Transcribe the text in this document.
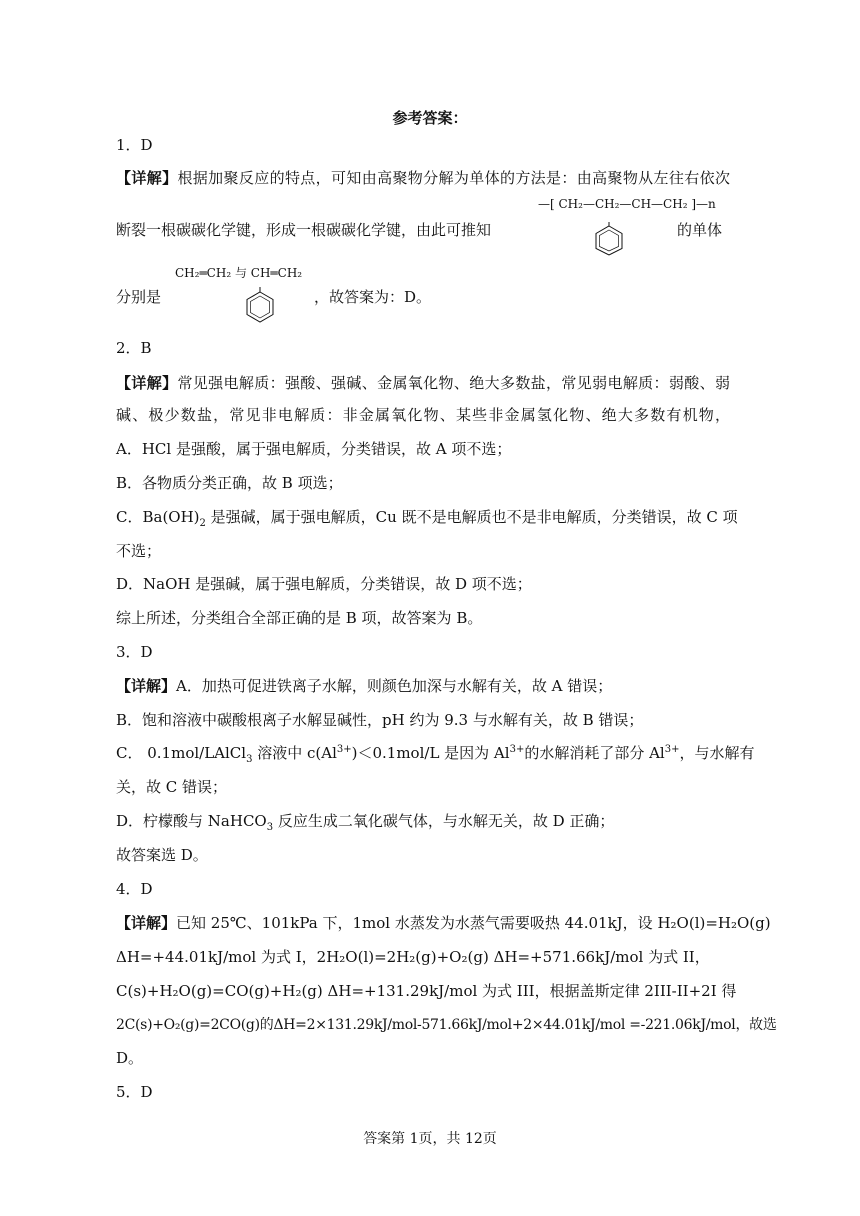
参考答案：
1．D
【详解】根据加聚反应的特点，可知由高聚物分解为单体的方法是：由高聚物从左往右依次
—[ CH₂—CH₂—CH—CH₂ ]—n
断裂一根碳碳化学键，形成一根碳碳化学键，由此可推知	的单体
CH₂═CH₂ 与 CH═CH₂
分别是	，故答案为：D。
2．B
【详解】常见强电解质：强酸、强碱、金属氧化物、绝大多数盐，常见弱电解质：弱酸、弱
碱、极少数盐，常见非电解质：非金属氧化物、某些非金属氢化物、绝大多数有机物，
A．HCl 是强酸，属于强电解质，分类错误，故 A 项不选；
B．各物质分类正确，故 B 项选；
C．$Ba(OH)_2$ 是强碱，属于强电解质，Cu 既不是电解质也不是非电解质，分类错误，故 C 项
不选；
D．NaOH 是强碱，属于强电解质，分类错误，故 D 项不选；
综上所述，分类组合全部正确的是 B 项，故答案为 B。
3．D
【详解】A．加热可促进铁离子水解，则颜色加深与水解有关，故 A 错误；
B．饱和溶液中碳酸根离子水解显碱性，pH 约为 9.3 与水解有关，故 B 错误；
C． 0.1mol/LAlCl$_3$ 溶液中 $c(Al^{3+})<0.1mol/L$ 是因为 $Al^{3+}$的水解消耗了部分 $Al^{3+}$，与水解有
关，故 C 错误；
D．柠檬酸与 NaHCO$_3$ 反应生成二氧化碳气体，与水解无关，故 D 正确；
故答案选 D。
4．D
【详解】已知 25℃、101kPa 下，1mol 水蒸发为水蒸气需要吸热 44.01kJ，设 H₂O(l)=H₂O(g)
ΔH=+44.01kJ/mol 为式 I，2H₂O(l)=2H₂(g)+O₂(g) ΔH=+571.66kJ/mol 为式 II，
C(s)+H₂O(g)=CO(g)+H₂(g) ΔH=+131.29kJ/mol 为式 III，根据盖斯定律 2III-II+2I 得
2C(s)+O₂(g)=2CO(g)的ΔH=2×131.29kJ/mol-571.66kJ/mol+2×44.01kJ/mol =-221.06kJ/mol，故选
D。
5．D
答案第 1页，共 12页
